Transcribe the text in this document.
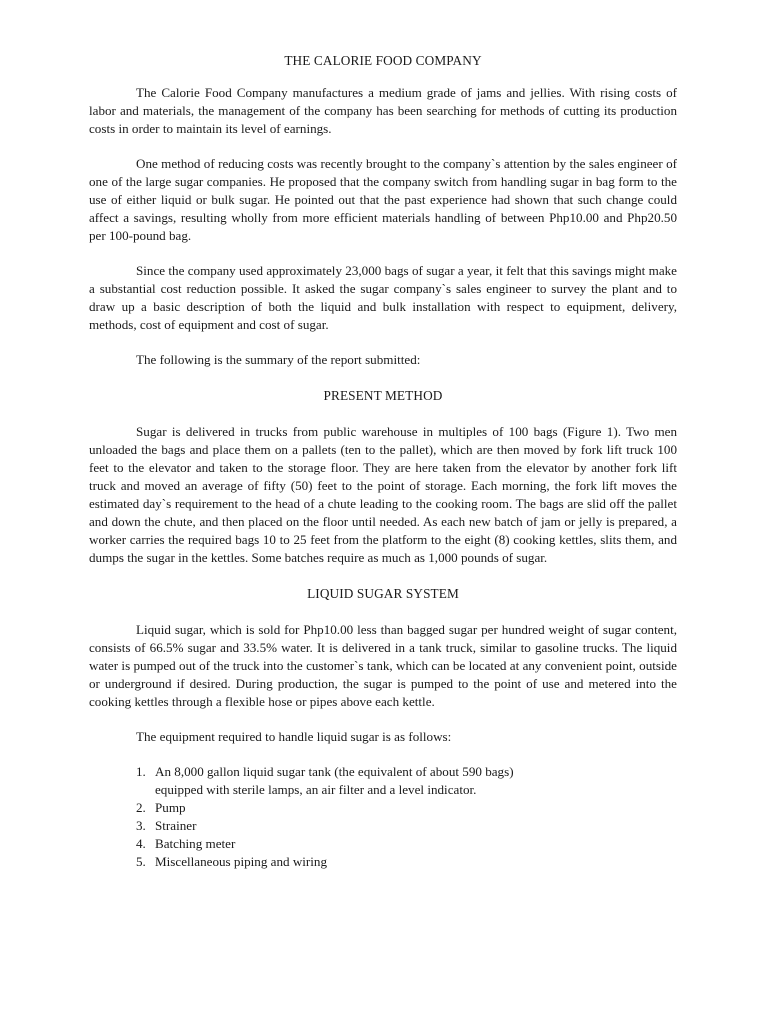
THE CALORIE FOOD COMPANY

The Calorie Food Company manufactures a medium grade of jams and jellies. With rising costs of labor and materials, the management of the company has been searching for methods of cutting its production costs in order to maintain its level of earnings.

One method of reducing costs was recently brought to the company`s attention by the sales engineer of one of the large sugar companies. He proposed that the company switch from handling sugar in bag form to the use of either liquid or bulk sugar. He pointed out that the past experience had shown that such change could affect a savings, resulting wholly from more efficient materials handling of between Php10.00 and Php20.50 per 100-pound bag.

Since the company used approximately 23,000 bags of sugar a year, it felt that this savings might make a substantial cost reduction possible. It asked the sugar company`s sales engineer to survey the plant and to draw up a basic description of both the liquid and bulk installation with respect to equipment, delivery, methods, cost of equipment and cost of sugar.

The following is the summary of the report submitted:

PRESENT METHOD

Sugar is delivered in trucks from public warehouse in multiples of 100 bags (Figure 1). Two men unloaded the bags and place them on a pallets (ten to the pallet), which are then moved by fork lift truck 100 feet to the elevator and taken to the storage floor. They are here taken from the elevator by another fork lift truck and moved an average of fifty (50) feet to the point of storage. Each morning, the fork lift moves the estimated day`s requirement to the head of a chute leading to the cooking room. The bags are slid off the pallet and down the chute, and then placed on the floor until needed. As each new batch of jam or jelly is prepared, a worker carries the required bags 10 to 25 feet from the platform to the eight (8) cooking kettles, slits them, and dumps the sugar in the kettles. Some batches require as much as 1,000 pounds of sugar.

LIQUID SUGAR SYSTEM

Liquid sugar, which is sold for Php10.00 less than bagged sugar per hundred weight of sugar content, consists of 66.5% sugar and 33.5% water. It is delivered in a tank truck, similar to gasoline trucks. The liquid water is pumped out of the truck into the customer`s tank, which can be located at any convenient point, outside or underground if desired. During production, the sugar is pumped to the point of use and metered into the cooking kettles through a flexible hose or pipes above each kettle.

The equipment required to handle liquid sugar is as follows:

1. An 8,000 gallon liquid sugar tank (the equivalent of about 590 bags)
equipped with sterile lamps, an air filter and a level indicator.
2. Pump
3. Strainer
4. Batching meter
5. Miscellaneous piping and wiring
